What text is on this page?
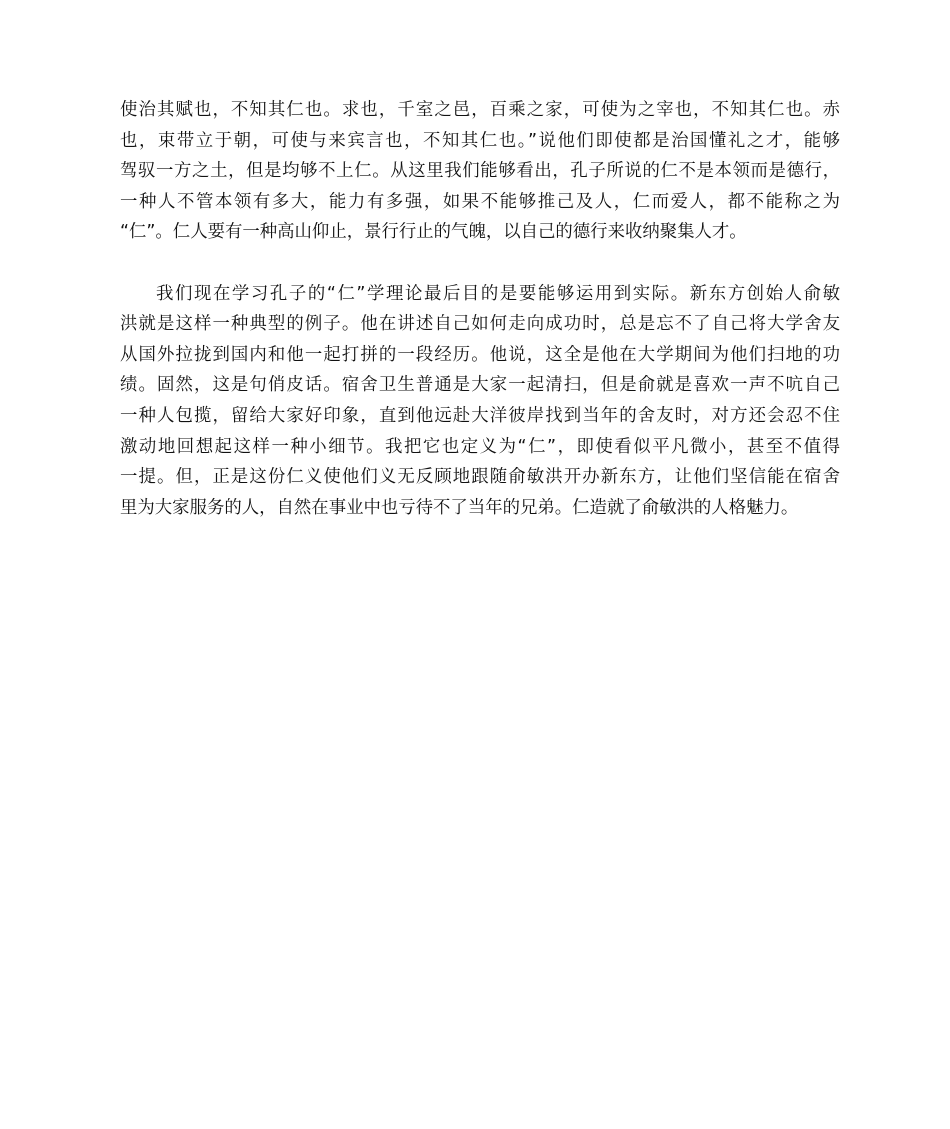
使治其赋也，不知其仁也。求也，千室之邑，百乘之家，可使为之宰也，不知其仁也。赤
也，束带立于朝，可使与来宾言也，不知其仁也。”说他们即使都是治国懂礼之才，能够
驾驭一方之土，但是均够不上仁。从这里我们能够看出，孔子所说的仁不是本领而是德行，
一种人不管本领有多大，能力有多强，如果不能够推己及人，仁而爱人，都不能称之为
“仁”。仁人要有一种高山仰止，景行行止的气魄，以自己的德行来收纳聚集人才。
我们现在学习孔子的“仁”学理论最后目的是要能够运用到实际。新东方创始人俞敏
洪就是这样一种典型的例子。他在讲述自己如何走向成功时，总是忘不了自己将大学舍友
从国外拉拢到国内和他一起打拼的一段经历。他说，这全是他在大学期间为他们扫地的功
绩。固然，这是句俏皮话。宿舍卫生普通是大家一起清扫，但是俞就是喜欢一声不吭自己
一种人包揽，留给大家好印象，直到他远赴大洋彼岸找到当年的舍友时，对方还会忍不住
激动地回想起这样一种小细节。我把它也定义为“仁”，即使看似平凡微小，甚至不值得
一提。但，正是这份仁义使他们义无反顾地跟随俞敏洪开办新东方，让他们坚信能在宿舍
里为大家服务的人，自然在事业中也亏待不了当年的兄弟。仁造就了俞敏洪的人格魅力。
